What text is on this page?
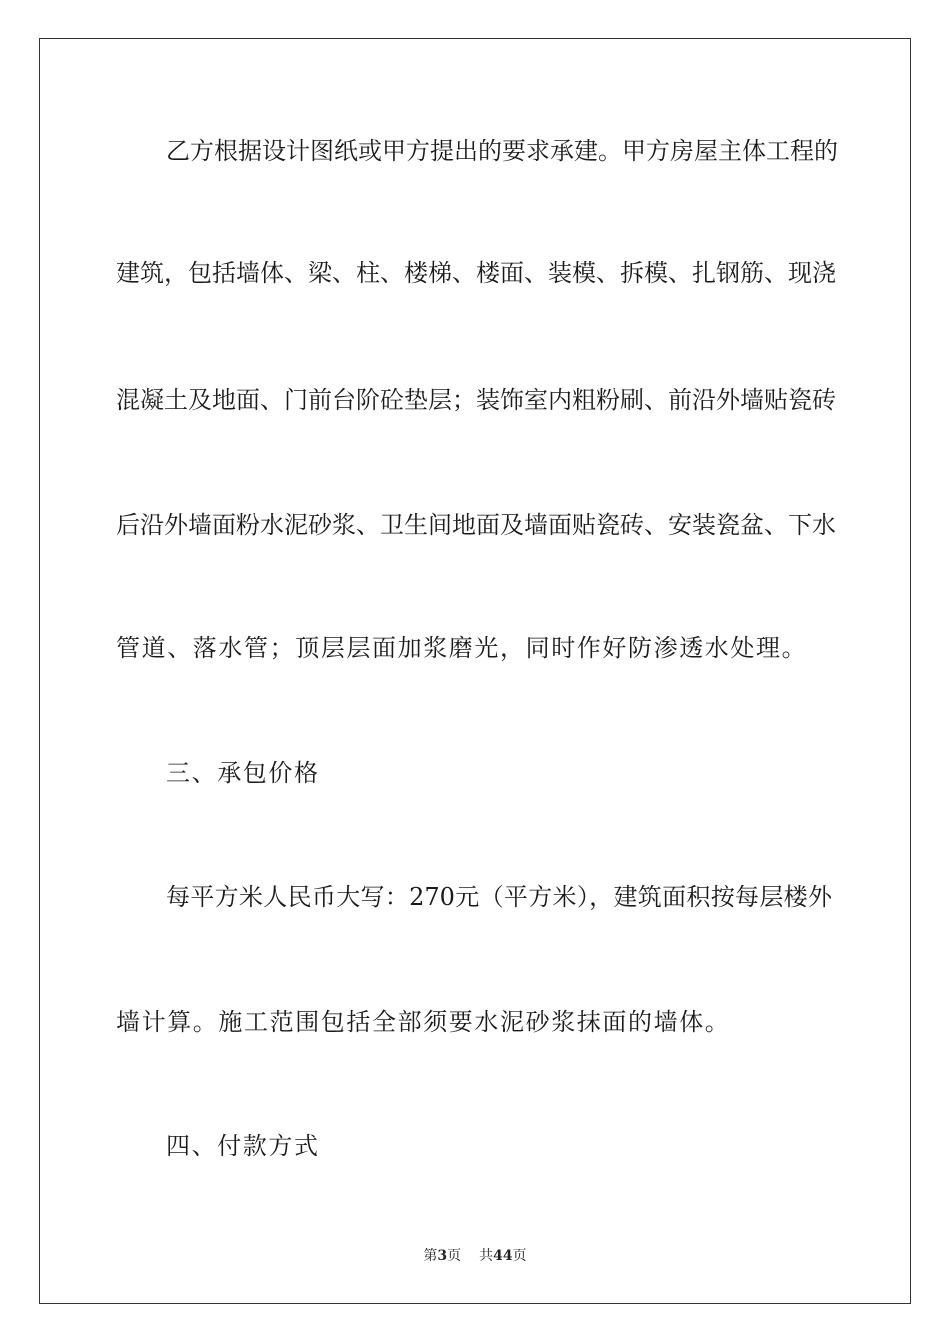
乙方根据设计图纸或甲方提出的要求承建。甲方房屋主体工程的
建筑，包括墙体、梁、柱、楼梯、楼面、装模、拆模、扎钢筋、现浇
混凝土及地面、门前台阶砼垫层；装饰室内粗粉刷、前沿外墙贴瓷砖
后沿外墙面粉水泥砂浆、卫生间地面及墙面贴瓷砖、安装瓷盆、下水
管道、落水管；顶层层面加浆磨光，同时作好防渗透水处理。
三、承包价格
每平方米人民币大写：270元（平方米），建筑面积按每层楼外
墙计算。施工范围包括全部须要水泥砂浆抹面的墙体。
四、付款方式
第3页 共44页
